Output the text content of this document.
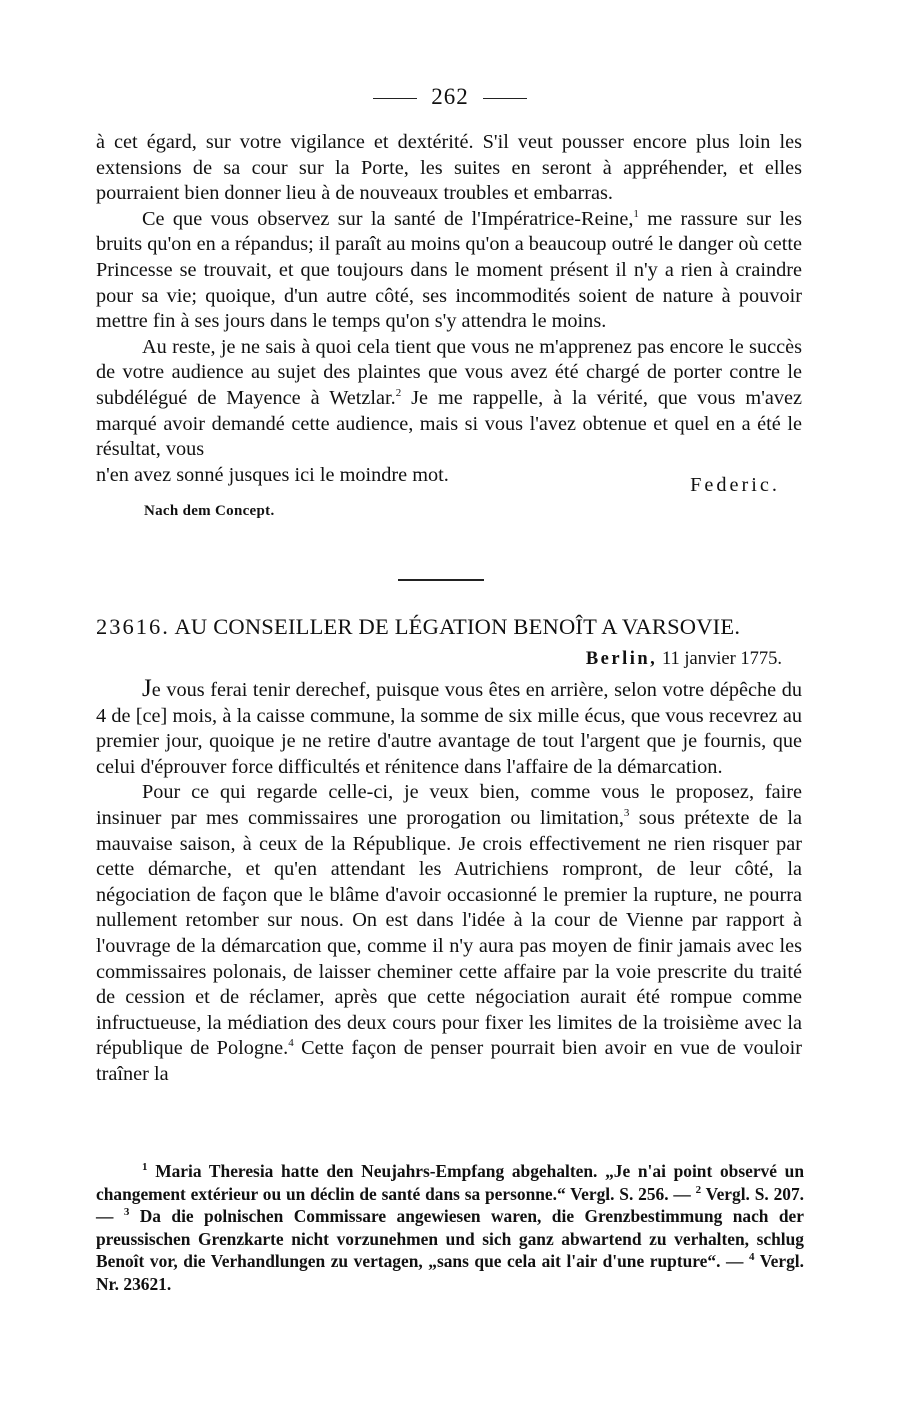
262

à cet égard, sur votre vigilance et dextérité. S'il veut pousser encore plus loin les extensions de sa cour sur la Porte, les suites en seront à appréhender, et elles pourraient bien donner lieu à de nouveaux troubles et embarras.

Ce que vous observez sur la santé de l'Impératrice-Reine,$^1$ me rassure sur les bruits qu'on en a répandus; il paraît au moins qu'on a beaucoup outré le danger où cette Princesse se trouvait, et que toujours dans le moment présent il n'y a rien à craindre pour sa vie; quoique, d'un autre côté, ses incommodités soient de nature à pouvoir mettre fin à ses jours dans le temps qu'on s'y attendra le moins.

Au reste, je ne sais à quoi cela tient que vous ne m'apprenez pas encore le succès de votre audience au sujet des plaintes que vous avez été chargé de porter contre le subdélégué de Mayence à Wetzlar.$^2$ Je me rappelle, à la vérité, que vous m'avez marqué avoir demandé cette audience, mais si vous l'avez obtenue et quel en a été le résultat, vous

n'en avez sonné jusques ici le moindre mot.	Federic.
Nach dem Concept.
23616. AU CONSEILLER DE LÉGATION BENOÎT A VARSOVIE.
Berlin, 11 janvier 1775.

Je vous ferai tenir derechef, puisque vous êtes en arrière, selon votre dépêche du 4 de [ce] mois, à la caisse commune, la somme de six mille écus, que vous recevrez au premier jour, quoique je ne retire d'autre avantage de tout l'argent que je fournis, que celui d'éprouver force difficultés et rénitence dans l'affaire de la démarcation.

Pour ce qui regarde celle-ci, je veux bien, comme vous le proposez, faire insinuer par mes commissaires une prorogation ou limitation,$^3$ sous prétexte de la mauvaise saison, à ceux de la République. Je crois effectivement ne rien risquer par cette démarche, et qu'en attendant les Autrichiens rompront, de leur côté, la négociation de façon que le blâme d'avoir occasionné le premier la rupture, ne pourra nullement retomber sur nous. On est dans l'idée à la cour de Vienne par rapport à l'ouvrage de la démarcation que, comme il n'y aura pas moyen de finir jamais avec les commissaires polonais, de laisser cheminer cette affaire par la voie prescrite du traité de cession et de réclamer, après que cette négociation aurait été rompue comme infructueuse, la médiation des deux cours pour fixer les limites de la troisième avec la république de Pologne.$^4$ Cette façon de penser pourrait bien avoir en vue de vouloir traîner la

$^1$ Maria Theresia hatte den Neujahrs-Empfang abgehalten. „Je n'ai point observé un changement extérieur ou un déclin de santé dans sa personne.“ Vergl. S. 256. — $^2$ Vergl. S. 207. — $^3$ Da die polnischen Commissare angewiesen waren, die Grenzbestimmung nach der preussischen Grenzkarte nicht vorzunehmen und sich ganz abwartend zu verhalten, schlug Benoît vor, die Verhandlungen zu vertagen, „sans que cela ait l'air d'une rupture“. — $^4$ Vergl. Nr. 23621.
